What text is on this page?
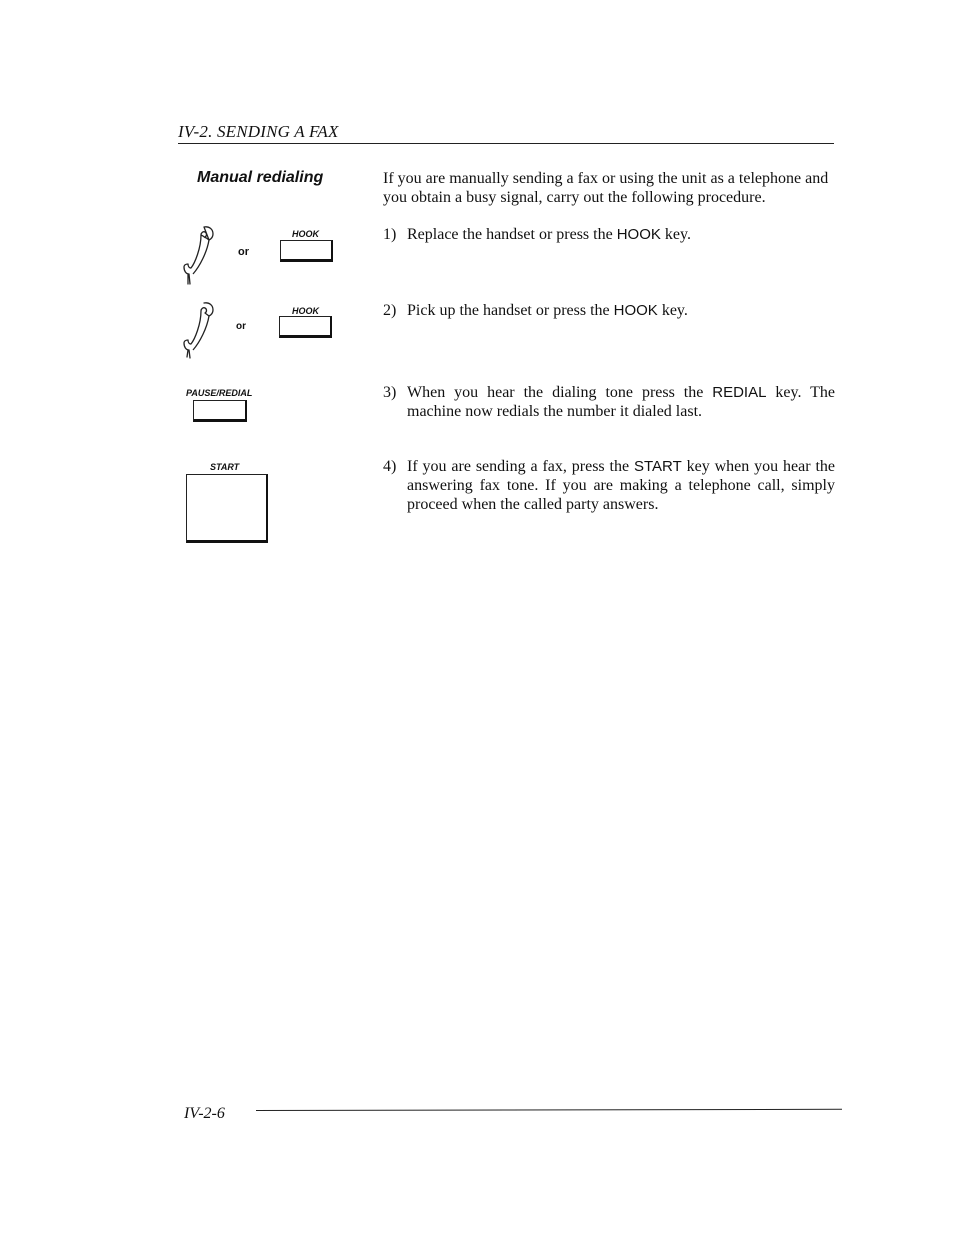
IV-2. SENDING A FAX
Manual redialing	If you are manually sending a fax or using the unit as a telephone and you obtain a busy signal, carry out the following procedure.
or
HOOK	1) Replace the handset or press the HOOK key.
or
HOOK	2) Pick up the handset or press the HOOK key.
PAUSE/REDIAL	3) When you hear the dialing tone press the REDIAL key. The machine now redials the number it dialed last.
START	4) If you are sending a fax, press the START key when you hear the answering fax tone. If you are making a telephone call, simply proceed when the called party answers.
IV-2-6
